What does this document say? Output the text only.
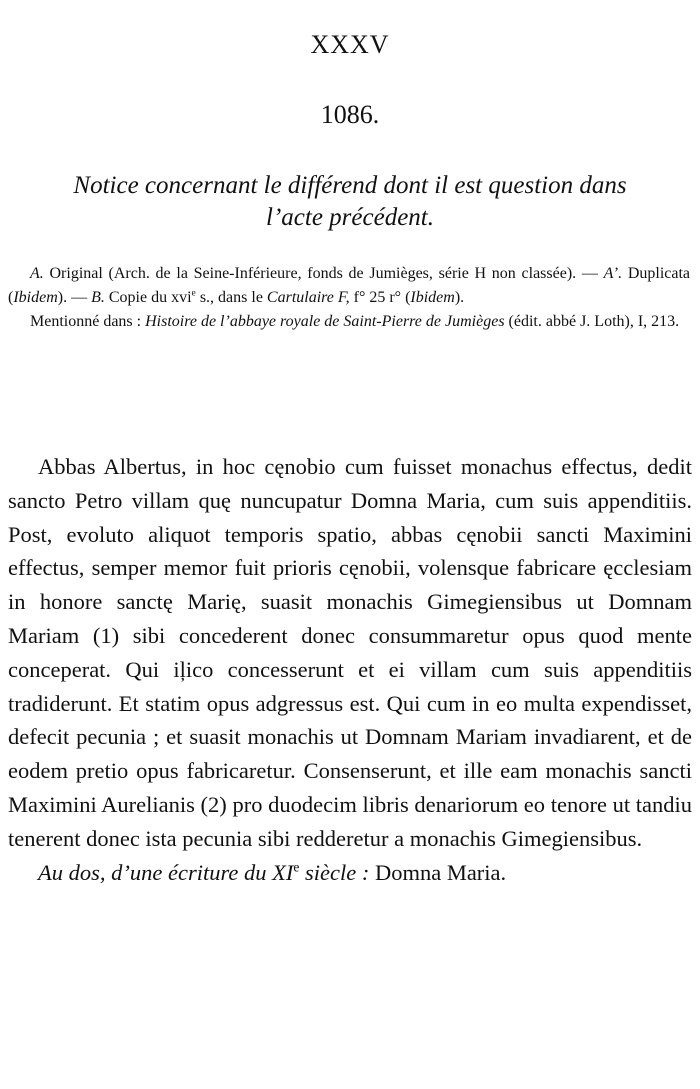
XXXV
1086.
Notice concernant le différend dont il est question dans
l’acte précédent.

A. Original (Arch. de la Seine-Inférieure, fonds de Jumièges, série H non classée). — A’. Duplicata (Ibidem). — B. Copie du xvi$^e$ s., dans le Cartulaire F, f° 25 r° (Ibidem).

Mentionné dans : Histoire de l’abbaye royale de Saint-Pierre de Jumièges (édit. abbé J. Loth), I, 213.

Abbas Albertus, in hoc cęnobio cum fuisset monachus effectus, dedit sancto Petro villam quę nuncupatur Domna Maria, cum suis appenditiis. Post, evoluto aliquot temporis spatio, abbas cęnobii sancti Maximini effectus, semper memor fuit prioris cęnobii, volensque fabricare ęcclesiam in honore sanctę Marię, suasit monachis Gimegiensibus ut Domnam Mariam (1) sibi concederent donec consummaretur opus quod mente conceperat. Qui iļico concesserunt et ei villam cum suis appenditiis tradiderunt. Et statim opus adgressus est. Qui cum in eo multa expendisset, defecit pecunia ; et suasit monachis ut Domnam Mariam invadiarent, et de eodem pretio opus fabricaretur. Consenserunt, et ille eam monachis sancti Maximini Aurelianis (2) pro duodecim libris denariorum eo tenore ut tandiu tenerent donec ista pecunia sibi redderetur a monachis Gimegiensibus.

Au dos, d’une écriture du XIe siècle : Domna Maria.
